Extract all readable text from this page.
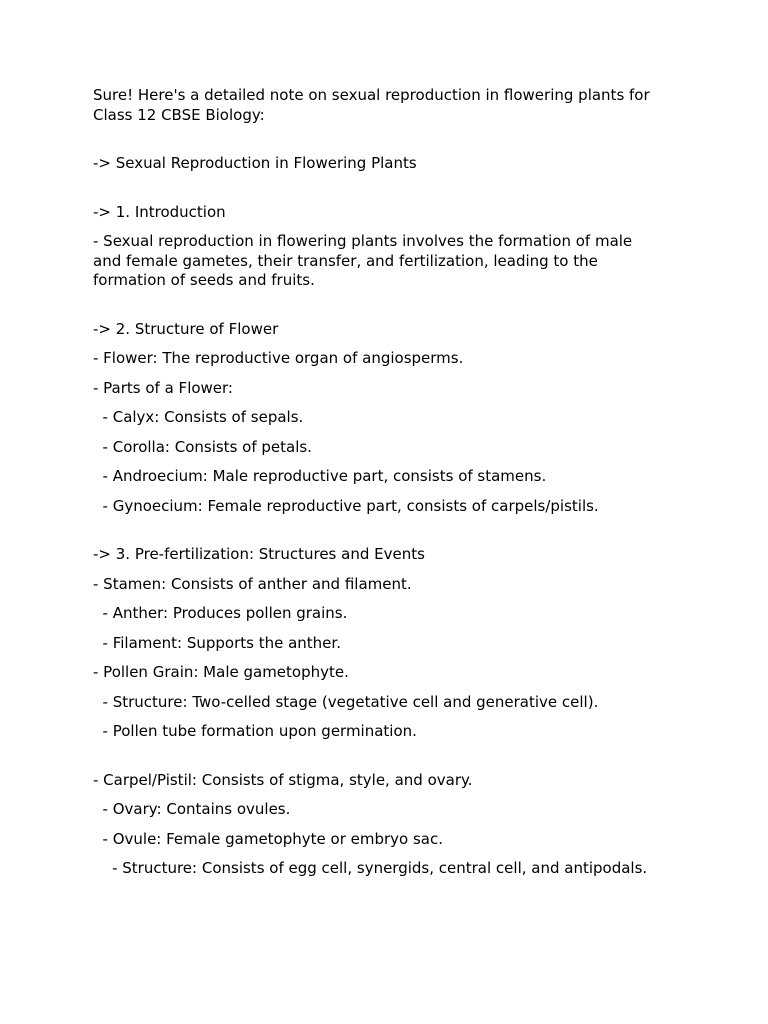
Sure! Here's a detailed note on sexual reproduction in flowering plants for

Class 12 CBSE Biology:

-> Sexual Reproduction in Flowering Plants

-> 1. Introduction

- Sexual reproduction in flowering plants involves the formation of male

and female gametes, their transfer, and fertilization, leading to the

formation of seeds and fruits.

-> 2. Structure of Flower

- Flower: The reproductive organ of angiosperms.

- Parts of a Flower:

- Calyx: Consists of sepals.

- Corolla: Consists of petals.

- Androecium: Male reproductive part, consists of stamens.

- Gynoecium: Female reproductive part, consists of carpels/pistils.

-> 3. Pre-fertilization: Structures and Events

- Stamen: Consists of anther and filament.

- Anther: Produces pollen grains.

- Filament: Supports the anther.

- Pollen Grain: Male gametophyte.

- Structure: Two-celled stage (vegetative cell and generative cell).

- Pollen tube formation upon germination.

- Carpel/Pistil: Consists of stigma, style, and ovary.

- Ovary: Contains ovules.

- Ovule: Female gametophyte or embryo sac.

- Structure: Consists of egg cell, synergids, central cell, and antipodals.
